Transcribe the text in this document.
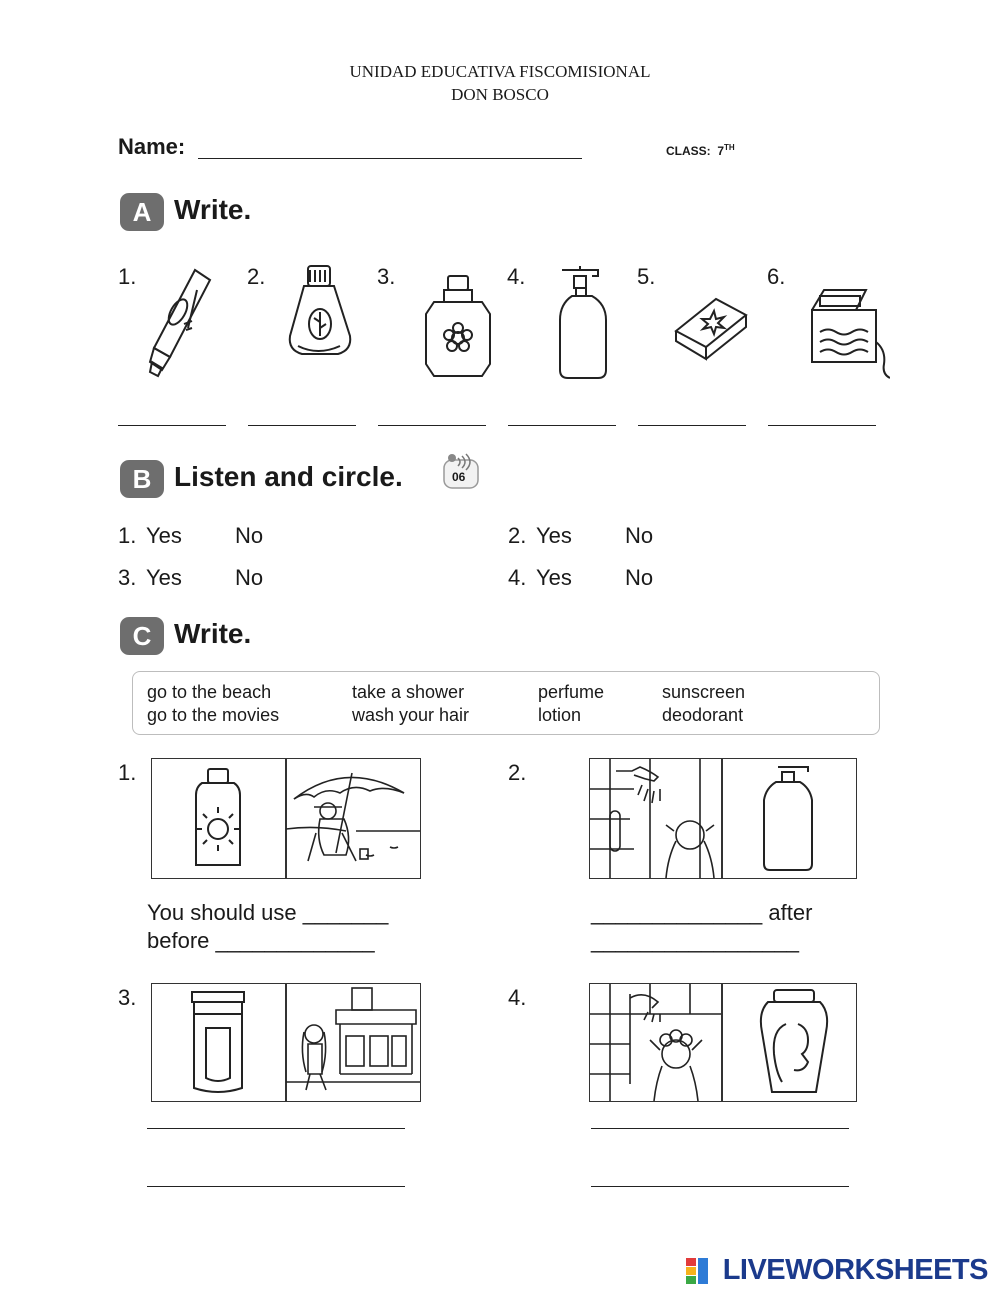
UNIDAD EDUCATIVA FISCOMISIONAL
DON BOSCO
Name:	CLASS: 7TH
A Write.
1.	2.	3.	4.	5.	6.
B Listen and circle.	06
1. Yes No	2. Yes No
3. Yes No	4. Yes No
C Write.
go to the beach	take a shower	perfume	sunscreen
go to the movies	wash your hair	lotion	deodorant
1.
You should use _______
before _____________
2.
______________ after
_________________
3.	4.
LIVEWORKSHEETS
